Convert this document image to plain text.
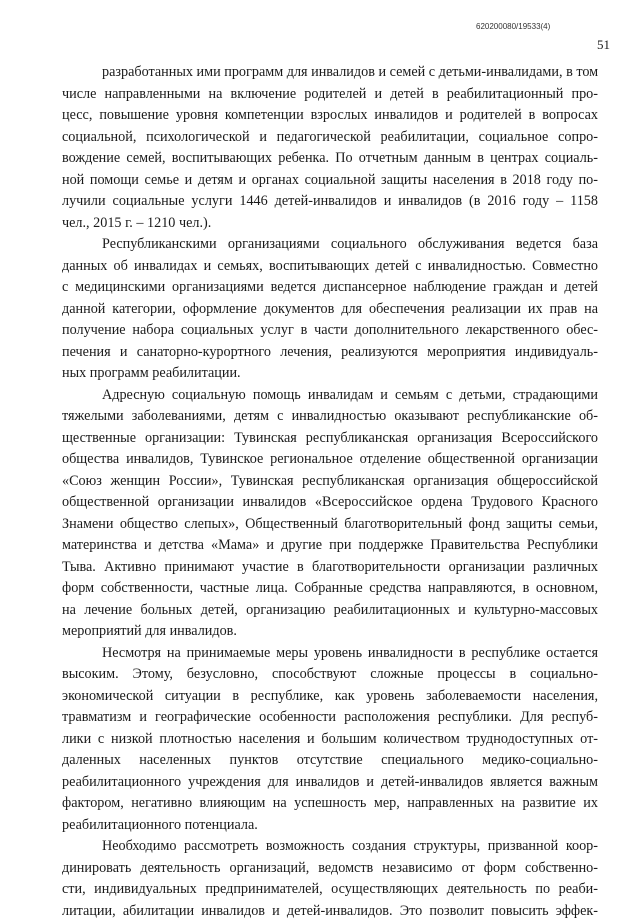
620200080/19533(4)
51

разработанных ими программ для инвалидов и семей с детьми-инвалидами, в том
числе направленными на включение родителей и детей в реабилитационный про-
цесс, повышение уровня компетенции взрослых инвалидов и родителей в вопросах
социальной, психологической и педагогической реабилитации, социальное сопро-
вождение семей, воспитывающих ребенка. По отчетным данным в центрах социаль-
ной помощи семье и детям и органах социальной защиты населения в 2018 году по-
лучили социальные услуги 1446 детей-инвалидов и инвалидов (в 2016 году – 1158
чел., 2015 г. – 1210 чел.).

Республиканскими организациями социального обслуживания ведется база
данных об инвалидах и семьях, воспитывающих детей с инвалидностью. Совместно
с медицинскими организациями ведется диспансерное наблюдение граждан и детей
данной категории, оформление документов для обеспечения реализации их прав на
получение набора социальных услуг в части дополнительного лекарственного обес-
печения и санаторно-курортного лечения, реализуются мероприятия индивидуаль-
ных программ реабилитации.

Адресную социальную помощь инвалидам и семьям с детьми, страдающими
тяжелыми заболеваниями, детям с инвалидностью оказывают республиканские об-
щественные организации: Тувинская республиканская организация Всероссийского
общества инвалидов, Тувинское региональное отделение общественной организации
«Союз женщин России», Тувинская республиканская организация общероссийской
общественной организации инвалидов «Всероссийское ордена Трудового Красного
Знамени общество слепых», Общественный благотворительный фонд защиты семьи,
материнства и детства «Мама» и другие при поддержке Правительства Республики
Тыва. Активно принимают участие в благотворительности организации различных
форм собственности, частные лица. Собранные средства направляются, в основном,
на лечение больных детей, организацию реабилитационных и культурно-массовых
мероприятий для инвалидов.

Несмотря на принимаемые меры уровень инвалидности в республике остается
высоким. Этому, безусловно, способствуют сложные процессы в социально-
экономической ситуации в республике, как уровень заболеваемости населения,
травматизм и географические особенности расположения республики. Для респуб-
лики с низкой плотностью населения и большим количеством труднодоступных от-
даленных населенных пунктов отсутствие специального медико-социально-
реабилитационного учреждения для инвалидов и детей-инвалидов является важным
фактором, негативно влияющим на успешность мер, направленных на развитие их
реабилитационного потенциала.

Необходимо рассмотреть возможность создания структуры, призванной коор-
динировать деятельность организаций, ведомств независимо от форм собственно-
сти, индивидуальных предпринимателей, осуществляющих деятельность по реаби-
литации, абилитации инвалидов и детей-инвалидов. Это позволит повысить эффек-
